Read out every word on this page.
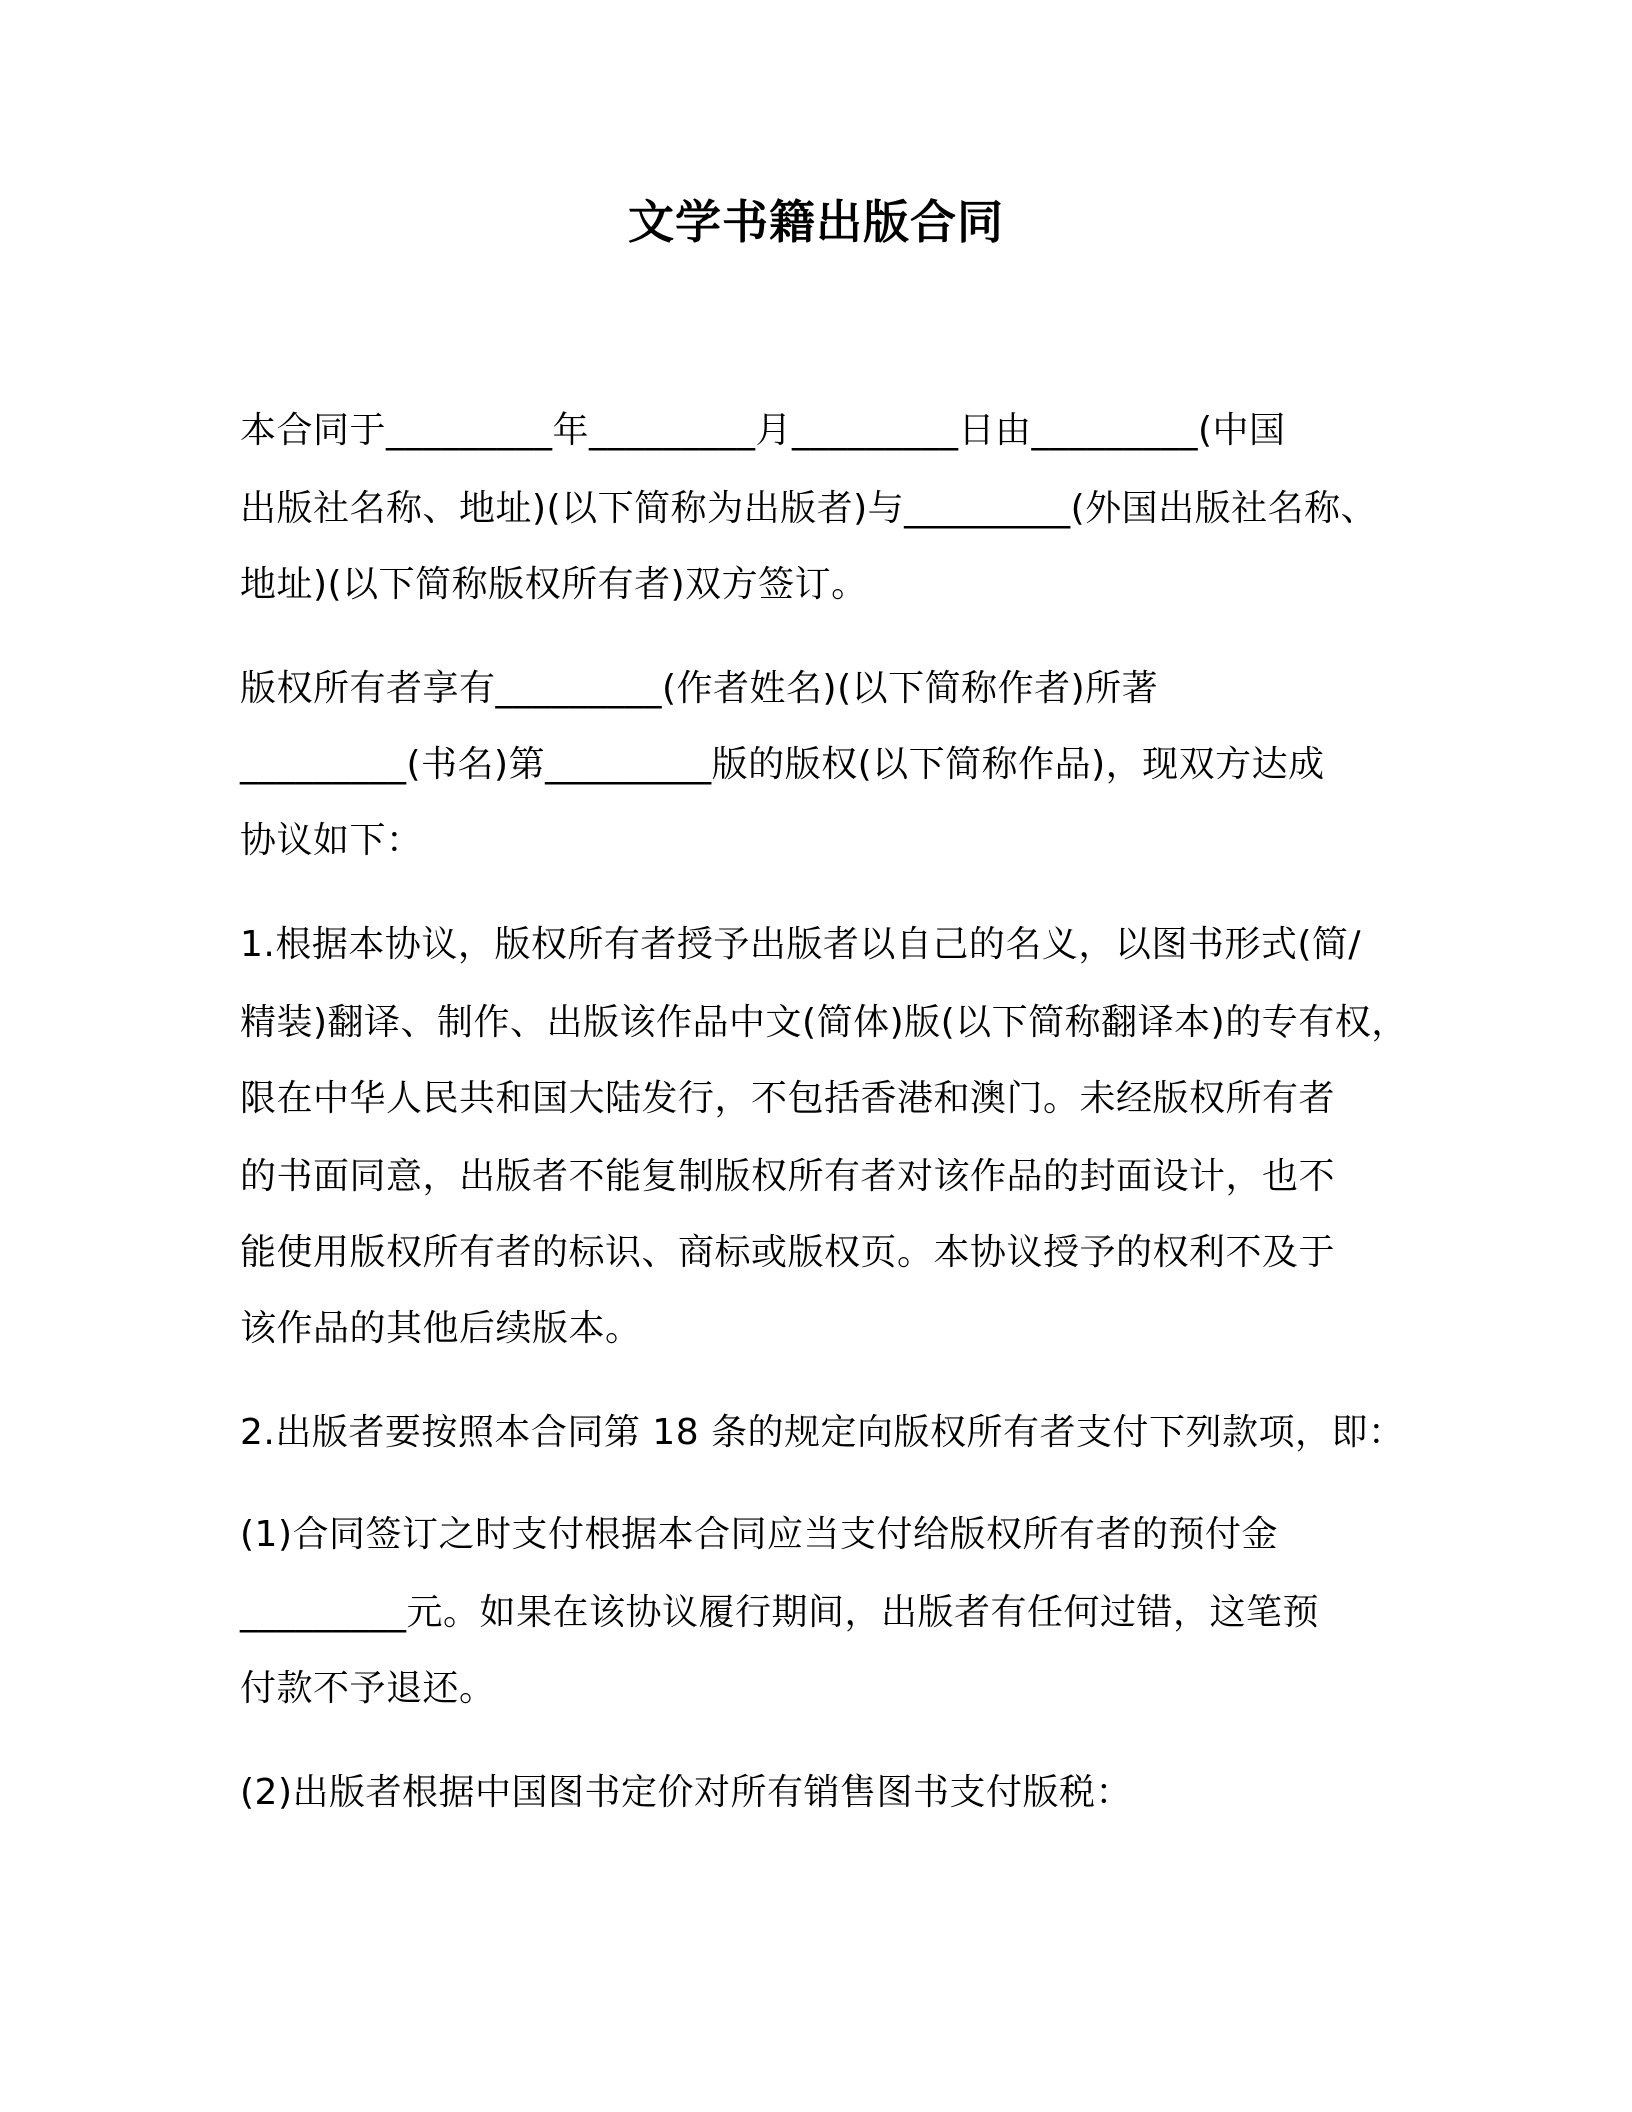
文学书籍出版合同
本合同于_________年_________月_________日由_________(中国
出版社名称、地址)(以下简称为出版者)与_________(外国出版社名称、
地址)(以下简称版权所有者)双方签订。
版权所有者享有_________(作者姓名)(以下简称作者)所著
_________(书名)第_________版的版权(以下简称作品)，现双方达成
协议如下：
1.根据本协议，版权所有者授予出版者以自己的名义，以图书形式(简/
精装)翻译、制作、出版该作品中文(简体)版(以下简称翻译本)的专有权，
限在中华人民共和国大陆发行，不包括香港和澳门。未经版权所有者
的书面同意，出版者不能复制版权所有者对该作品的封面设计，也不
能使用版权所有者的标识、商标或版权页。本协议授予的权利不及于
该作品的其他后续版本。
2.出版者要按照本合同第 18 条的规定向版权所有者支付下列款项，即：
(1)合同签订之时支付根据本合同应当支付给版权所有者的预付金
_________元。如果在该协议履行期间，出版者有任何过错，这笔预
付款不予退还。
(2)出版者根据中国图书定价对所有销售图书支付版税：
